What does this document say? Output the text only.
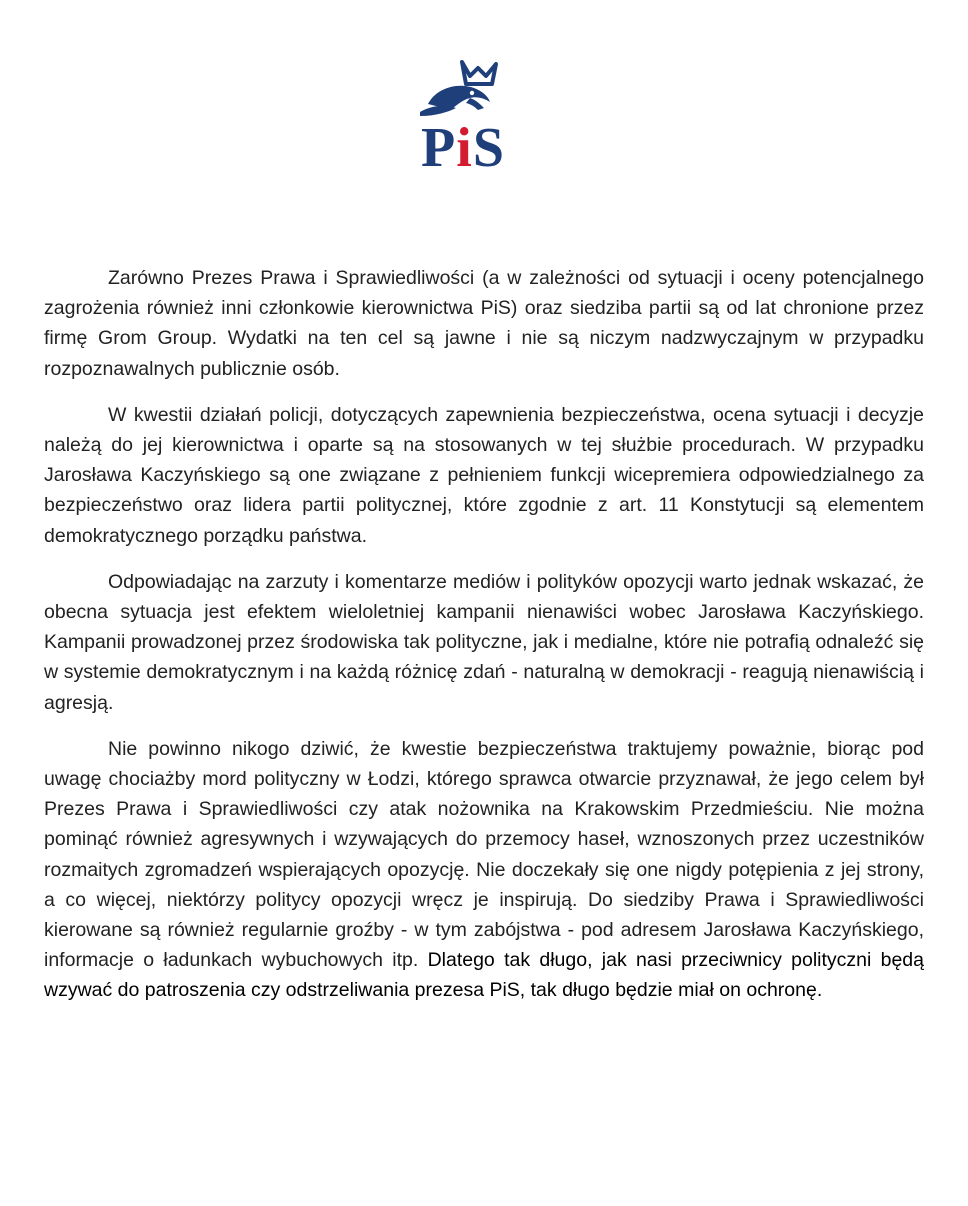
PiS

Zarówno Prezes Prawa i Sprawiedliwości (a w zależności od sytuacji i oceny potencjalnego zagrożenia również inni członkowie kierownictwa PiS) oraz siedziba partii są od lat chronione przez firmę Grom Group. Wydatki na ten cel są jawne i nie są niczym nadzwyczajnym w przypadku rozpoznawalnych publicznie osób.

W kwestii działań policji, dotyczących zapewnienia bezpieczeństwa, ocena sytuacji i decyzje należą do jej kierownictwa i oparte są na stosowanych w tej służbie procedurach. W przypadku Jarosława Kaczyńskiego są one związane z pełnieniem funkcji wicepremiera odpowiedzialnego za bezpieczeństwo oraz lidera partii politycznej, które zgodnie z art. 11 Konstytucji są elementem demokratycznego porządku państwa.

Odpowiadając na zarzuty i komentarze mediów i polityków opozycji warto jednak wskazać, że obecna sytuacja jest efektem wieloletniej kampanii nienawiści wobec Jarosława Kaczyńskiego. Kampanii prowadzonej przez środowiska tak polityczne, jak i medialne, które nie potrafią odnaleźć się w systemie demokratycznym i na każdą różnicę zdań - naturalną w demokracji - reagują nienawiścią i agresją.

Nie powinno nikogo dziwić, że kwestie bezpieczeństwa traktujemy poważnie, biorąc pod uwagę chociażby mord polityczny w Łodzi, którego sprawca otwarcie przyznawał, że jego celem był Prezes Prawa i Sprawiedliwości czy atak nożownika na Krakowskim Przedmieściu. Nie można pominąć również agresywnych i wzywających do przemocy haseł, wznoszonych przez uczestników rozmaitych zgromadzeń wspierających opozycję. Nie doczekały się one nigdy potępienia z jej strony, a co więcej, niektórzy politycy opozycji wręcz je inspirują. Do siedziby Prawa i Sprawiedliwości kierowane są również regularnie groźby - w tym zabójstwa - pod adresem Jarosława Kaczyńskiego, informacje o ładunkach wybuchowych itp. Dlatego tak długo, jak nasi przeciwnicy polityczni będą wzywać do patroszenia czy odstrzeliwania prezesa PiS, tak długo będzie miał on ochronę.
